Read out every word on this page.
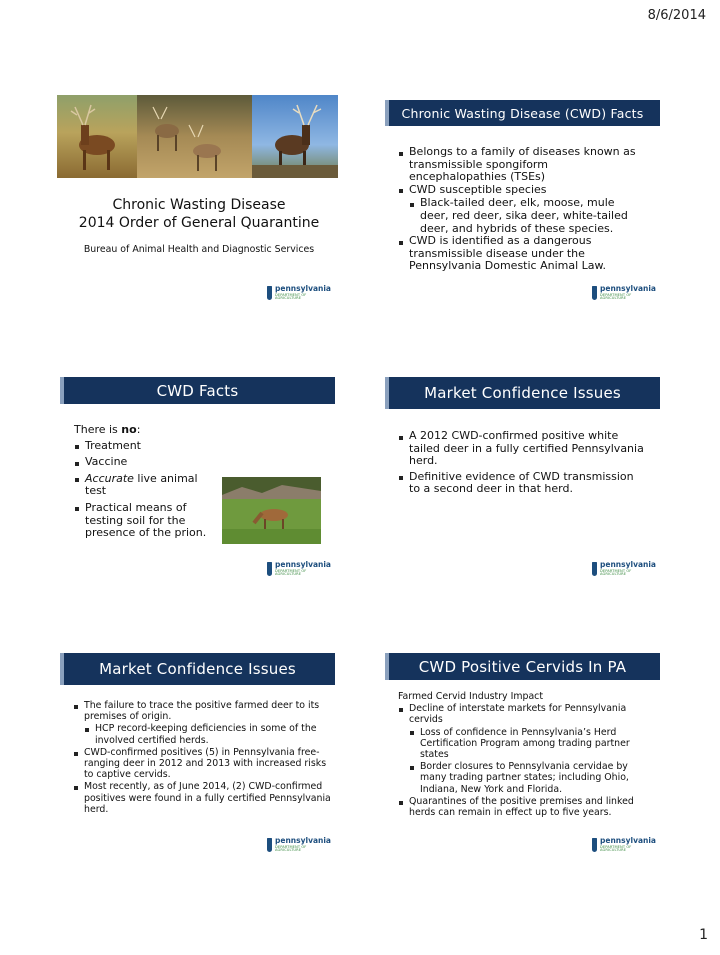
8/6/2014
Chronic Wasting Disease
2014 Order of General Quarantine
Bureau of Animal Health and Diagnostic Services
pennsylvania
DEPARTMENT OF AGRICULTURE
Chronic Wasting Disease (CWD) Facts
Belongs to a family of diseases known as transmissible spongiform encephalopathies (TSEs)
CWD susceptible species
Black-tailed deer, elk, moose, mule deer, red deer, sika deer, white-tailed deer, and hybrids of these species.
CWD is identified as a dangerous transmissible disease under the Pennsylvania Domestic Animal Law.
pennsylvania
DEPARTMENT OF AGRICULTURE
CWD Facts
There is no:
Treatment
Vaccine
Accurate live animal test
Practical means of testing soil for the presence of the prion.
pennsylvania
DEPARTMENT OF AGRICULTURE
Market Confidence Issues
A 2012 CWD-confirmed positive white tailed deer in a fully certified Pennsylvania herd.
Definitive evidence of CWD transmission to a second deer in that herd.
pennsylvania
DEPARTMENT OF AGRICULTURE
Market Confidence Issues
The failure to trace the positive farmed deer to its premises of origin.
HCP record-keeping deficiencies in some of the involved certified herds.
CWD-confirmed positives (5) in Pennsylvania free-ranging deer in 2012 and 2013 with increased risks to captive cervids.
Most recently, as of June 2014, (2) CWD-confirmed positives were found in a fully certified Pennsylvania herd.
pennsylvania
DEPARTMENT OF AGRICULTURE
CWD Positive Cervids In PA
Farmed Cervid Industry Impact
Decline of interstate markets for Pennsylvania cervids
Loss of confidence in Pennsylvania’s Herd Certification Program among trading partner states
Border closures to Pennsylvania cervidae by many trading partner states; including Ohio, Indiana, New York and Florida.
Quarantines of the positive premises and linked herds can remain in effect up to five years.
pennsylvania
DEPARTMENT OF AGRICULTURE
1
